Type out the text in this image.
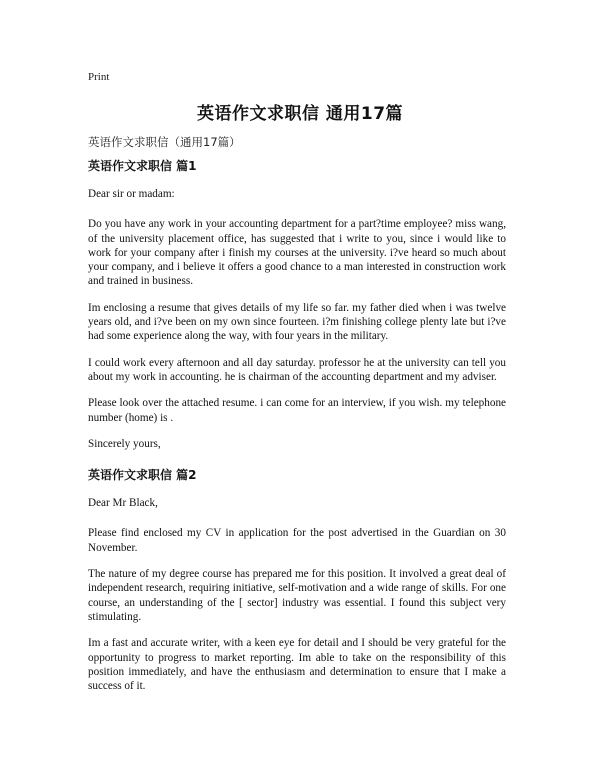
Print
英语作文求职信 通用17篇
英语作文求职信（通用17篇）
英语作文求职信 篇1

Dear sir or madam:

Do you have any work in your accounting department for a part?time employee? miss wang, of the university placement office, has suggested that i write to you, since i would like to work for your company after i finish my courses at the university. i?ve heard so much about your company, and i believe it offers a good chance to a man interested in construction work and trained in business.

Im enclosing a resume that gives details of my life so far. my father died when i was twelve years old, and i?ve been on my own since fourteen. i?m finishing college plenty late but i?ve had some experience along the way, with four years in the military.

I could work every afternoon and all day saturday. professor he at the university can tell you about my work in accounting. he is chairman of the accounting department and my adviser.

Please look over the attached resume. i can come for an interview, if you wish. my telephone number (home) is .

Sincerely yours,

英语作文求职信 篇2

Dear Mr Black,

Please find enclosed my CV in application for the post advertised in the Guardian on 30 November.

The nature of my degree course has prepared me for this position. It involved a great deal of independent research, requiring initiative, self-motivation and a wide range of skills. For one course, an understanding of the [ sector] industry was essential. I found this subject very stimulating.

Im a fast and accurate writer, with a keen eye for detail and I should be very grateful for the opportunity to progress to market reporting. Im able to take on the responsibility of this position immediately, and have the enthusiasm and determination to ensure that I make a success of it.
